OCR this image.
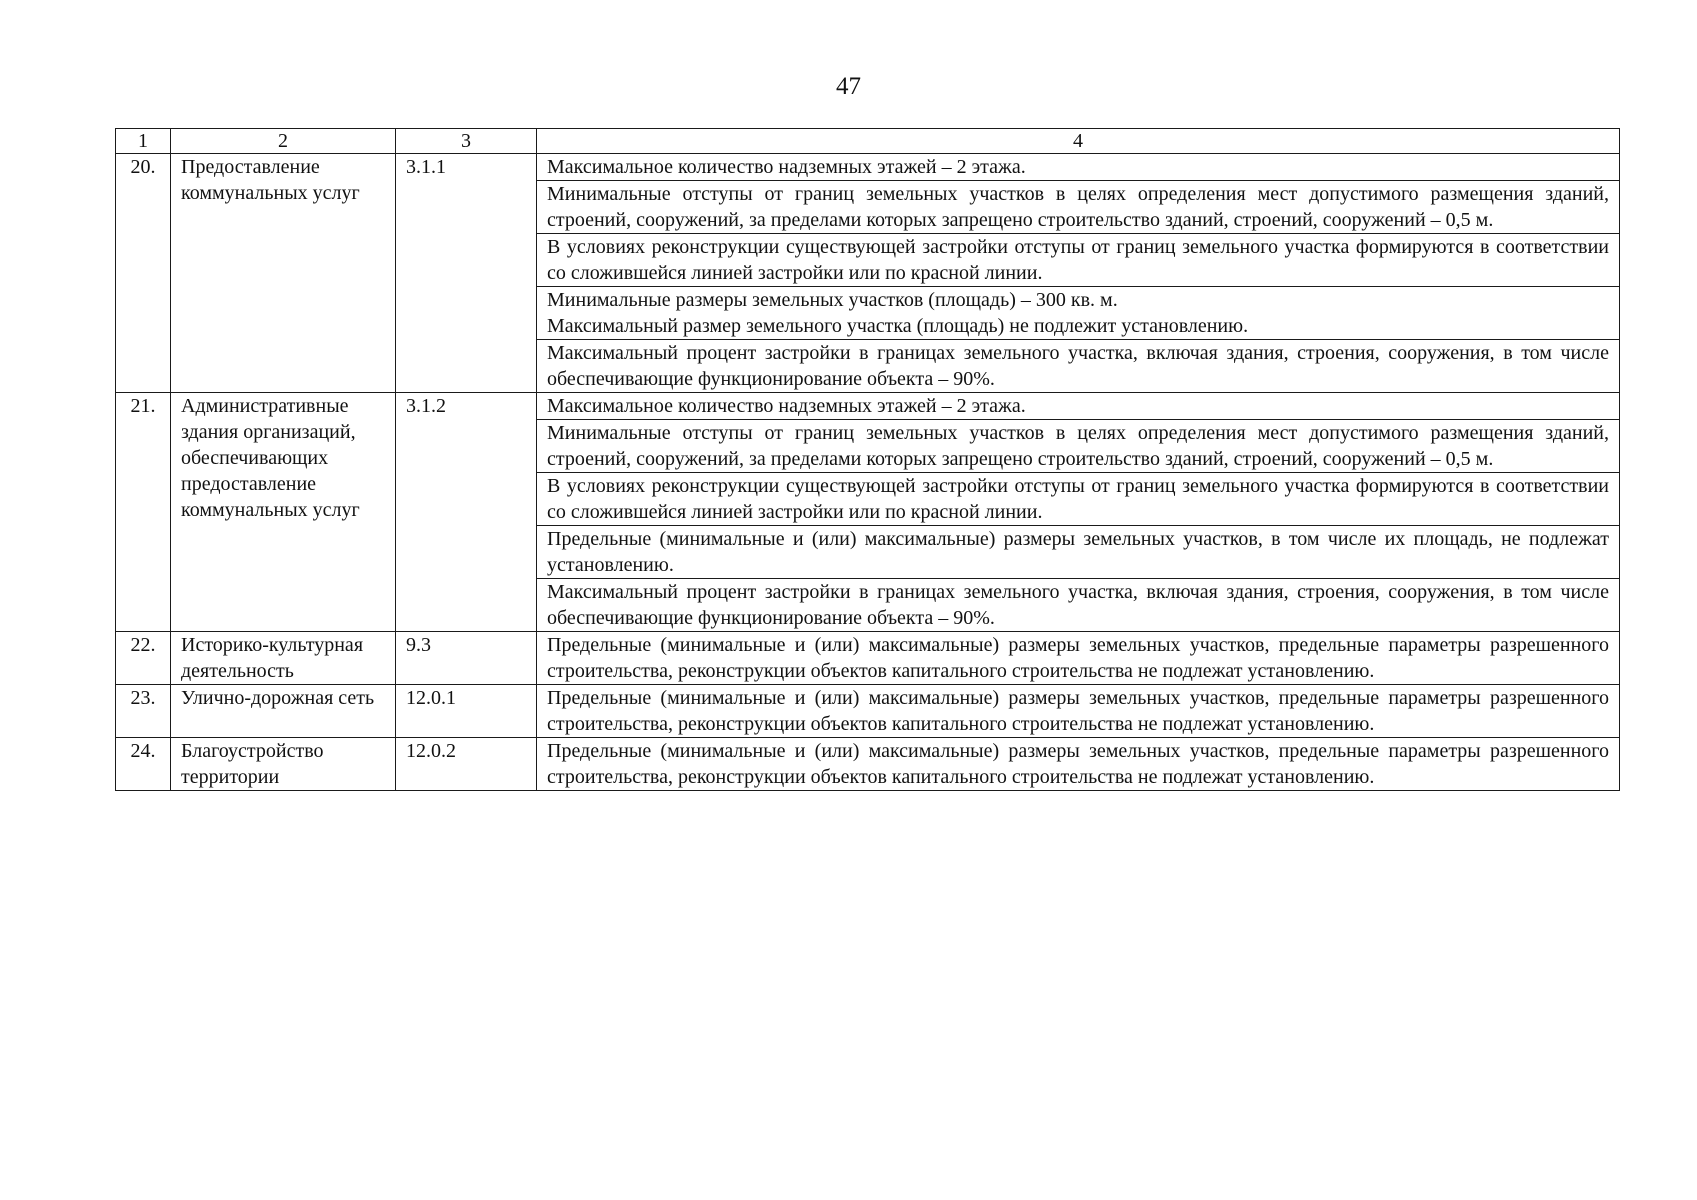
47
1	2	3	4
20.	Предоставление коммунальных услуг	3.1.1	Максимальное количество надземных этажей – 2 этажа.

			Минимальные отступы от границ земельных участков в целях определения мест допустимого размещения зданий, строений, сооружений, за пределами которых запрещено строительство зданий, строений, сооружений – 0,5 м.

			В условиях реконструкции существующей застройки отступы от границ земельного участка формируются в соответствии со сложившейся линией застройки или по красной линии.

			Минимальные размеры земельных участков (площадь) – 300 кв. м.
Максимальный размер земельного участка (площадь) не подлежит установлению.

			Максимальный процент застройки в границах земельного участка, включая здания, строения, сооружения, в том числе обеспечивающие функционирование объекта – 90%.

21.	Административные здания организаций, обеспечивающих предоставление коммунальных услуг	3.1.2	Максимальное количество надземных этажей – 2 этажа.

			Минимальные отступы от границ земельных участков в целях определения мест допустимого размещения зданий, строений, сооружений, за пределами которых запрещено строительство зданий, строений, сооружений – 0,5 м.

			В условиях реконструкции существующей застройки отступы от границ земельного участка формируются в соответствии со сложившейся линией застройки или по красной линии.

			Предельные (минимальные и (или) максимальные) размеры земельных участков, в том числе их площадь, не подлежат установлению.

			Максимальный процент застройки в границах земельного участка, включая здания, строения, сооружения, в том числе обеспечивающие функционирование объекта – 90%.

22.	Историко-культурная деятельность	9.3	Предельные (минимальные и (или) максимальные) размеры земельных участков, предельные параметры разрешенного строительства, реконструкции объектов капитального строительства не подлежат установлению.

23.	Улично-дорожная сеть	12.0.1	Предельные (минимальные и (или) максимальные) размеры земельных участков, предельные параметры разрешенного строительства, реконструкции объектов капитального строительства не подлежат установлению.

24.	Благоустройство территории	12.0.2	Предельные (минимальные и (или) максимальные) размеры земельных участков, предельные параметры разрешенного строительства, реконструкции объектов капитального строительства не подлежат установлению.
